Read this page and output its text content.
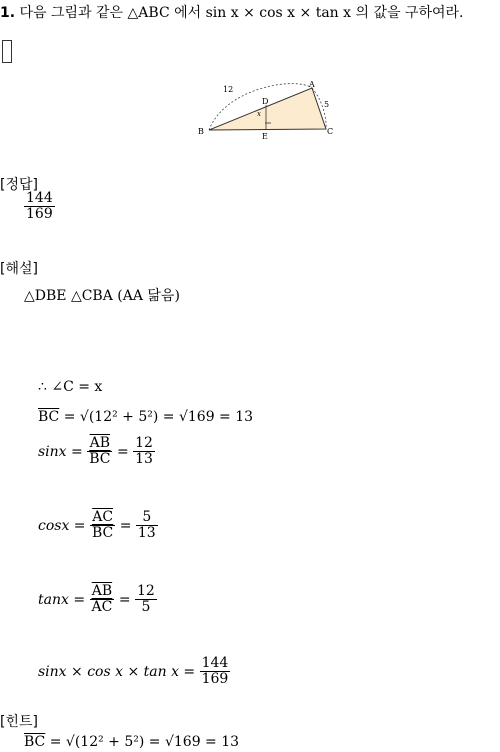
1. 다음 그림과 같은 △ABC 에서 sin x × cos x × tan x 의 값을 구하여라.
B
A
C
D
E
x
12
5
[정답]
$\frac{144}{169}$
[해설]
△DBE △CBA (AA 닮음)
∴ ∠C = x
$\overline{BC} = √(12^2 + 5^2) = √169 = 13$
$\sin x = \frac{\overline{AB}}{BC} = \frac{12}{13}$
$\cos x = \frac{\overline{AC}}{BC} = \frac{5}{13}$
$\tan x = \frac{\overline{AB}}{AC} = \frac{12}{5}$
$\sin x \times \cos x \times \tan x = \frac{144}{169}$
[힌트]
$\overline{BC} = √(12^2 + 5^2) = √169 = 13$
